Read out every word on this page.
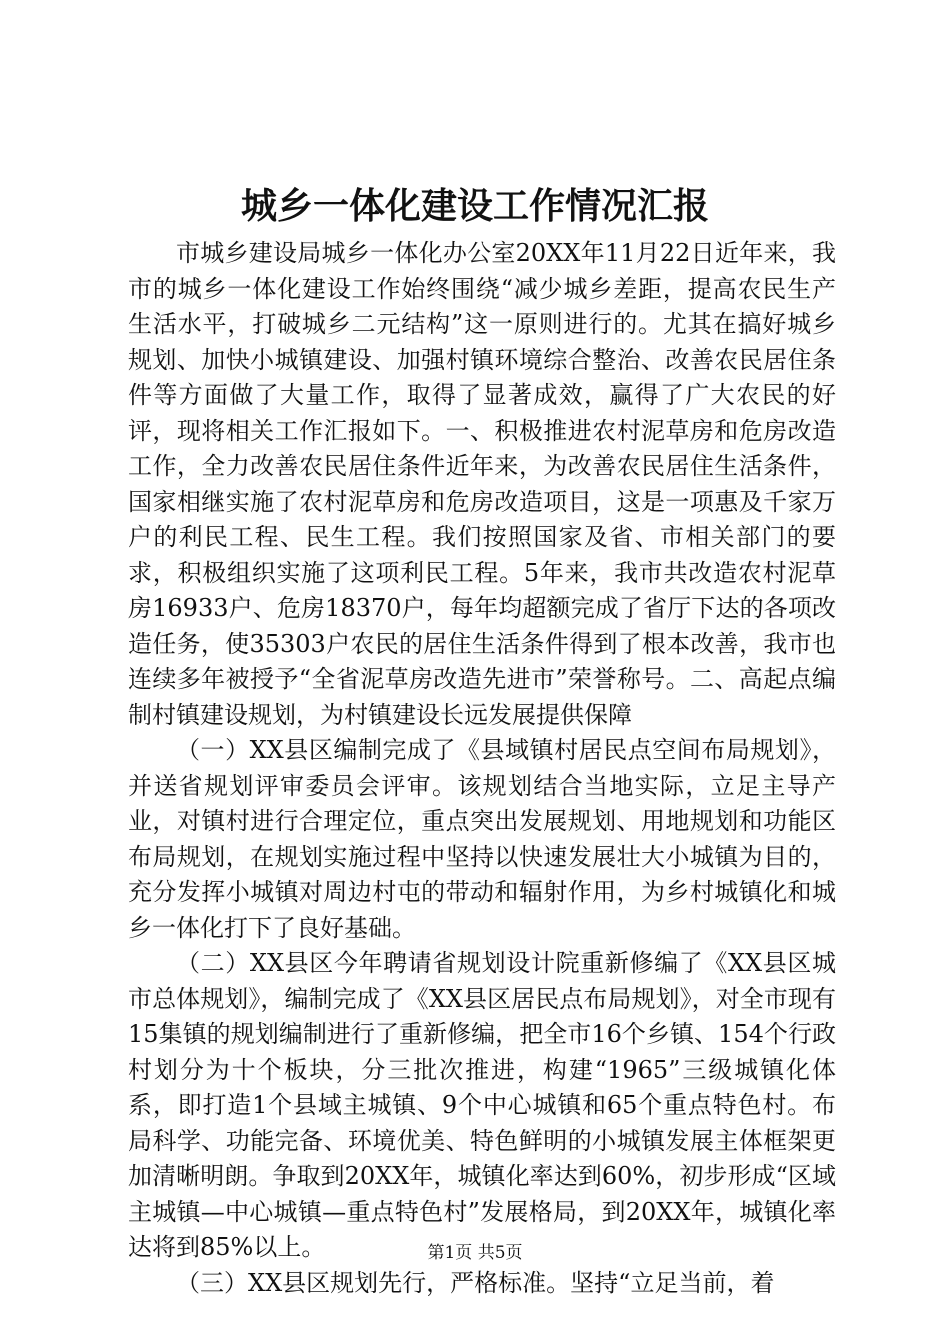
城乡一体化建设工作情况汇报

市城乡建设局城乡一体化办公室20XX年11月22日近年来，我市的城乡一体化建设工作始终围绕“减少城乡差距，提高农民生产生活水平，打破城乡二元结构”这一原则进行的。尤其在搞好城乡规划、加快小城镇建设、加强村镇环境综合整治、改善农民居住条件等方面做了大量工作，取得了显著成效，赢得了广大农民的好评，现将相关工作汇报如下。一、积极推进农村泥草房和危房改造工作，全力改善农民居住条件近年来，为改善农民居住生活条件，国家相继实施了农村泥草房和危房改造项目，这是一项惠及千家万户的利民工程、民生工程。我们按照国家及省、市相关部门的要求，积极组织实施了这项利民工程。5年来，我市共改造农村泥草房16933户、危房18370户，每年均超额完成了省厅下达的各项改造任务，使35303户农民的居住生活条件得到了根本改善，我市也连续多年被授予“全省泥草房改造先进市”荣誉称号。二、高起点编制村镇建设规划，为村镇建设长远发展提供保障

（一）XX县区编制完成了《县域镇村居民点空间布局规划》，并送省规划评审委员会评审。该规划结合当地实际，立足主导产业，对镇村进行合理定位，重点突出发展规划、用地规划和功能区布局规划，在规划实施过程中坚持以快速发展壮大小城镇为目的，充分发挥小城镇对周边村屯的带动和辐射作用，为乡村城镇化和城乡一体化打下了良好基础。

（二）XX县区今年聘请省规划设计院重新修编了《XX县区城市总体规划》，编制完成了《XX县区居民点布局规划》，对全市现有15集镇的规划编制进行了重新修编，把全市16个乡镇、154个行政村划分为十个板块，分三批次推进，构建“1965”三级城镇化体系，即打造1个县域主城镇、9个中心城镇和65个重点特色村。布局科学、功能完备、环境优美、特色鲜明的小城镇发展主体框架更加清晰明朗。争取到20XX年，城镇化率达到60%，初步形成“区域主城镇—中心城镇—重点特色村”发展格局，到20XX年，城镇化率达将到85%以上。

（三）XX县区规划先行，严格标准。坚持“立足当前，着

第1页 共5页
